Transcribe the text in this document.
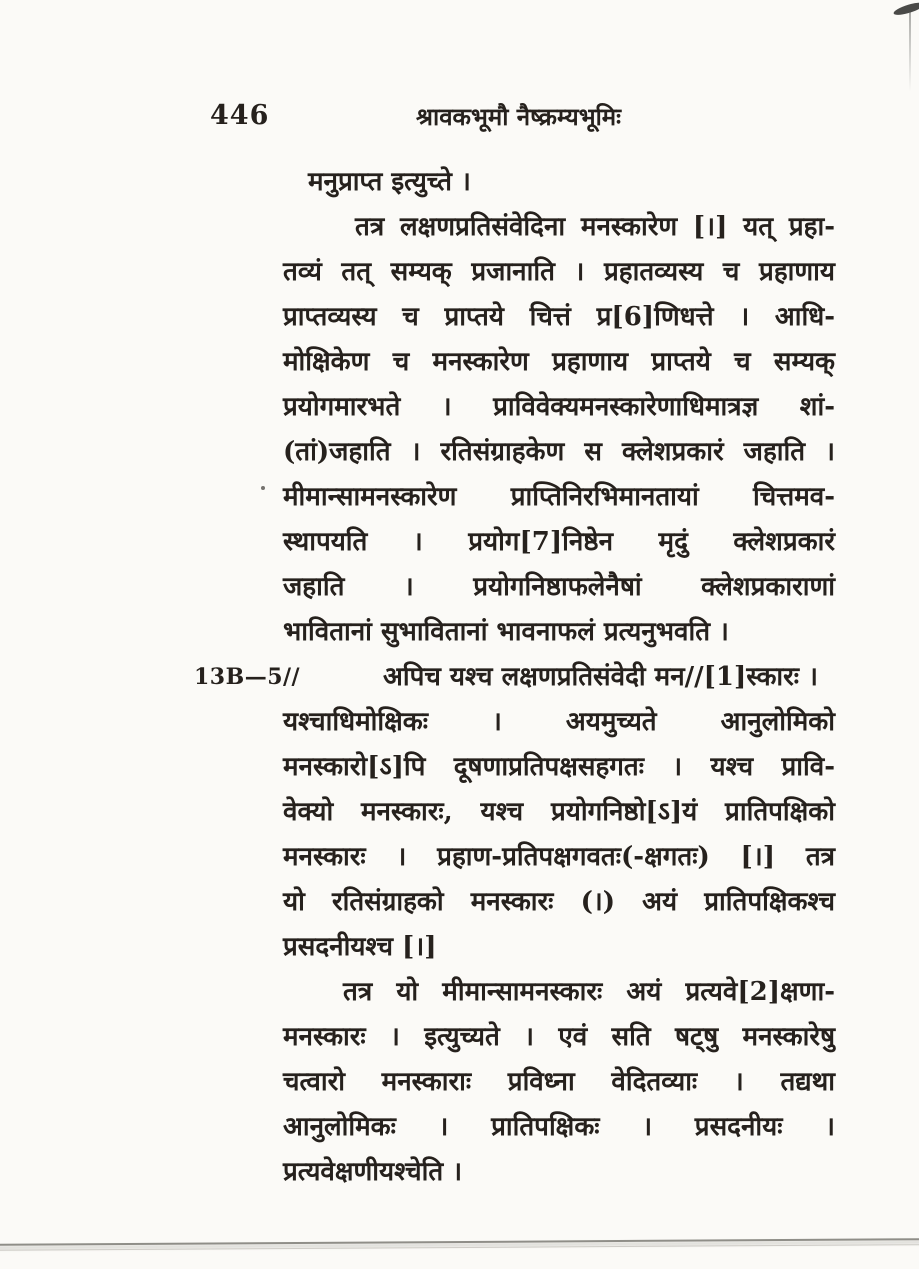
446	श्रावकभूमौ नैष्क्रम्यभूमिः
मनुप्राप्त इत्युच्ते ।
तत्र लक्षणप्रतिसंवेदिना मनस्कारेण [।] यत् प्रहा-
तव्यं तत् सम्यक् प्रजानाति । प्रहातव्यस्य च प्रहाणाय
प्राप्तव्यस्य च प्राप्तये चित्तं प्र[6]णिधत्ते । आधि-
मोक्षिकेण च मनस्कारेण प्रहाणाय प्राप्तये च सम्यक्
प्रयोगमारभते । प्राविवेक्यमनस्कारेणाधिमात्रज्ञ शां-
(तां)जहाति । रतिसंग्राहकेण स क्लेशप्रकारं जहाति ।
मीमान्सामनस्कारेण प्राप्तिनिरभिमानतायां चित्तमव-
स्थापयति । प्रयोग[7]निष्ठेन मृदुं क्लेशप्रकारं
जहाति । प्रयोगनिष्ठाफलेनैषां क्लेशप्रकाराणां
भावितानां सुभावितानां भावनाफलं प्रत्यनुभवति ।
13B—5//	अपिच यश्च लक्षणप्रतिसंवेदी मन//[1]स्कारः ।
यश्चाधिमोक्षिकः । अयमुच्यते आनुलोमिको
मनस्कारो[ऽ]पि दूषणाप्रतिपक्षसहगतः । यश्च प्रावि-
वेक्यो मनस्कारः, यश्च प्रयोगनिष्ठो[ऽ]यं प्रातिपक्षिको
मनस्कारः । प्रहाण-प्रतिपक्षगवतः(-क्षगतः) [।] तत्र
यो रतिसंग्राहको मनस्कारः (।) अयं प्रातिपक्षिकश्च
प्रसदनीयश्च [।]
तत्र यो मीमान्सामनस्कारः अयं प्रत्यवे[2]क्षणा-
मनस्कारः । इत्युच्यते । एवं सति षट्षु मनस्कारेषु
चत्वारो मनस्काराः प्रविध्ना वेदितव्याः । तद्यथा
आनुलोमिकः । प्रातिपक्षिकः । प्रसदनीयः ।
प्रत्यवेक्षणीयश्चेति ।
